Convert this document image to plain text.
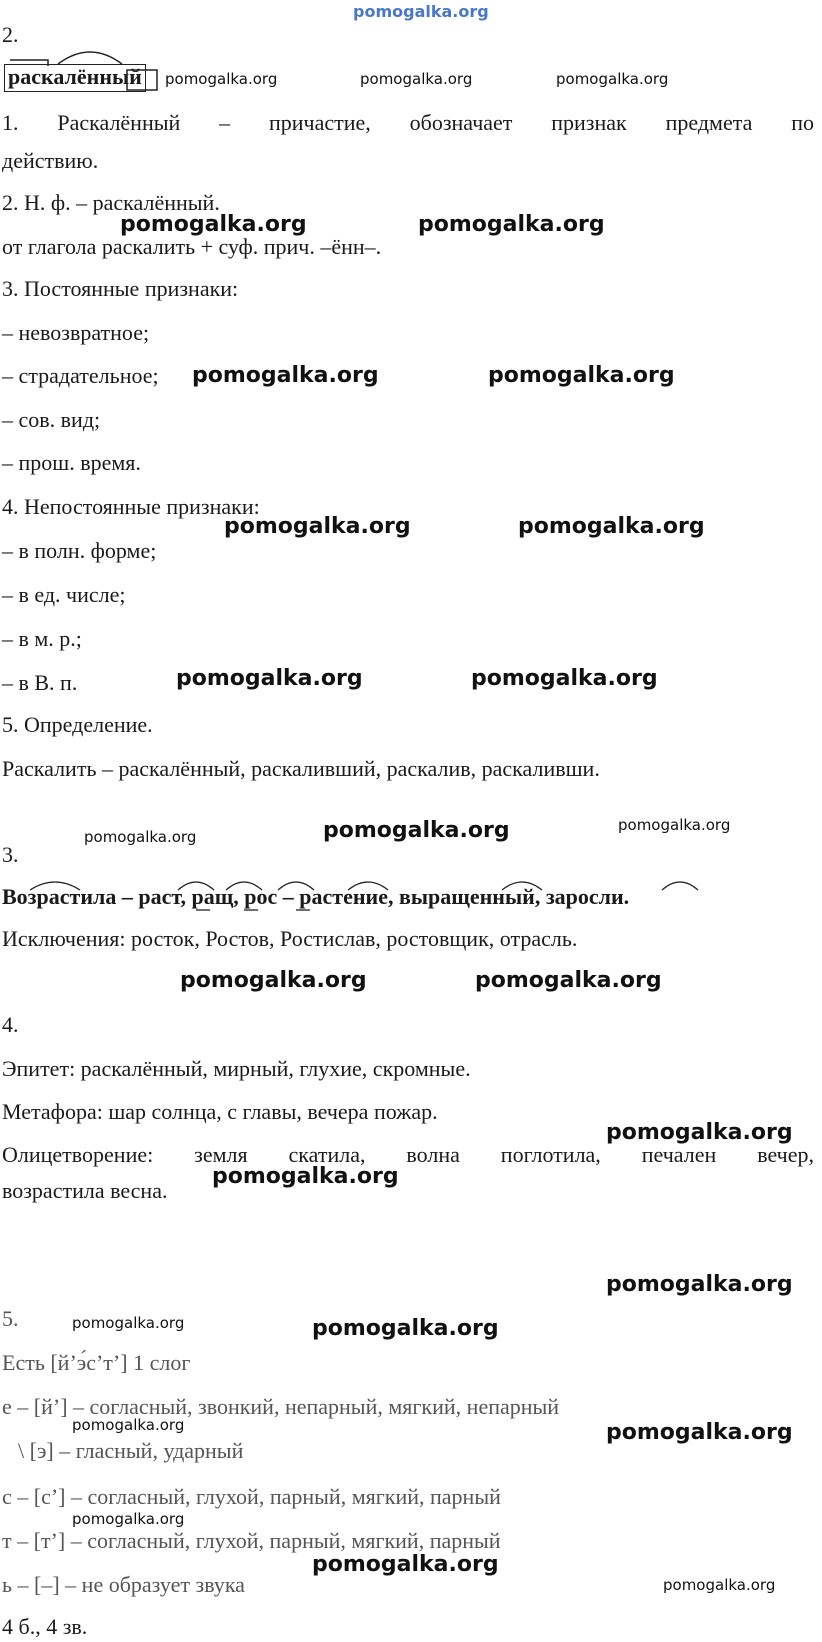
pomogalka.org
2.
раскалённый pomogalka.org	pomogalka.org	pomogalka.org
1. Раскалённый – причастие, обозначает признак предмета по
действию.
2. Н. ф. – раскалённый.
pomogalka.org	pomogalka.org
от глагола раскалить + суф. прич. –ённ–.
3. Постоянные признаки:
– невозвратное;
– страдательное; pomogalka.org	pomogalka.org
– сов. вид;
– прош. время.
4. Непостоянные признаки:
pomogalka.org	pomogalka.org
– в полн. форме;
– в ед. числе;
– в м. р.;
– в В. п.	pomogalka.org	pomogalka.org
5. Определение.
Раскалить – раскалённый, раскаливший, раскалив, раскаливши.
pomogalka.org	pomogalka.org	pomogalka.org
3.
Возрастила – раст, ращ, рос – растение, выращенный, заросли.
Исключения: росток, Ростов, Ростислав, ростовщик, отрасль.
pomogalka.org	pomogalka.org
4.
Эпитет: раскалённый, мирный, глухие, скромные.
Метафора: шар солнца, с главы, вечера пожар.
pomogalka.org
Олицетворение: земля скатила, волна поглотила, печален вечер,
возрастила весна.
pomogalka.org
pomogalka.org
5.	pomogalka.org	pomogalka.org
Есть [й’э́с’т’] 1 слог
е – [й’] – согласный, звонкий, непарный, мягкий, непарный
pomogalka.org	pomogalka.org
\ [э] – гласный, ударный
с – [с’] – согласный, глухой, парный, мягкий, парный
pomogalka.org
т – [т’] – согласный, глухой, парный, мягкий, парный
pomogalka.org
ь – [–] – не образует звука	pomogalka.org
4 б., 4 зв.
